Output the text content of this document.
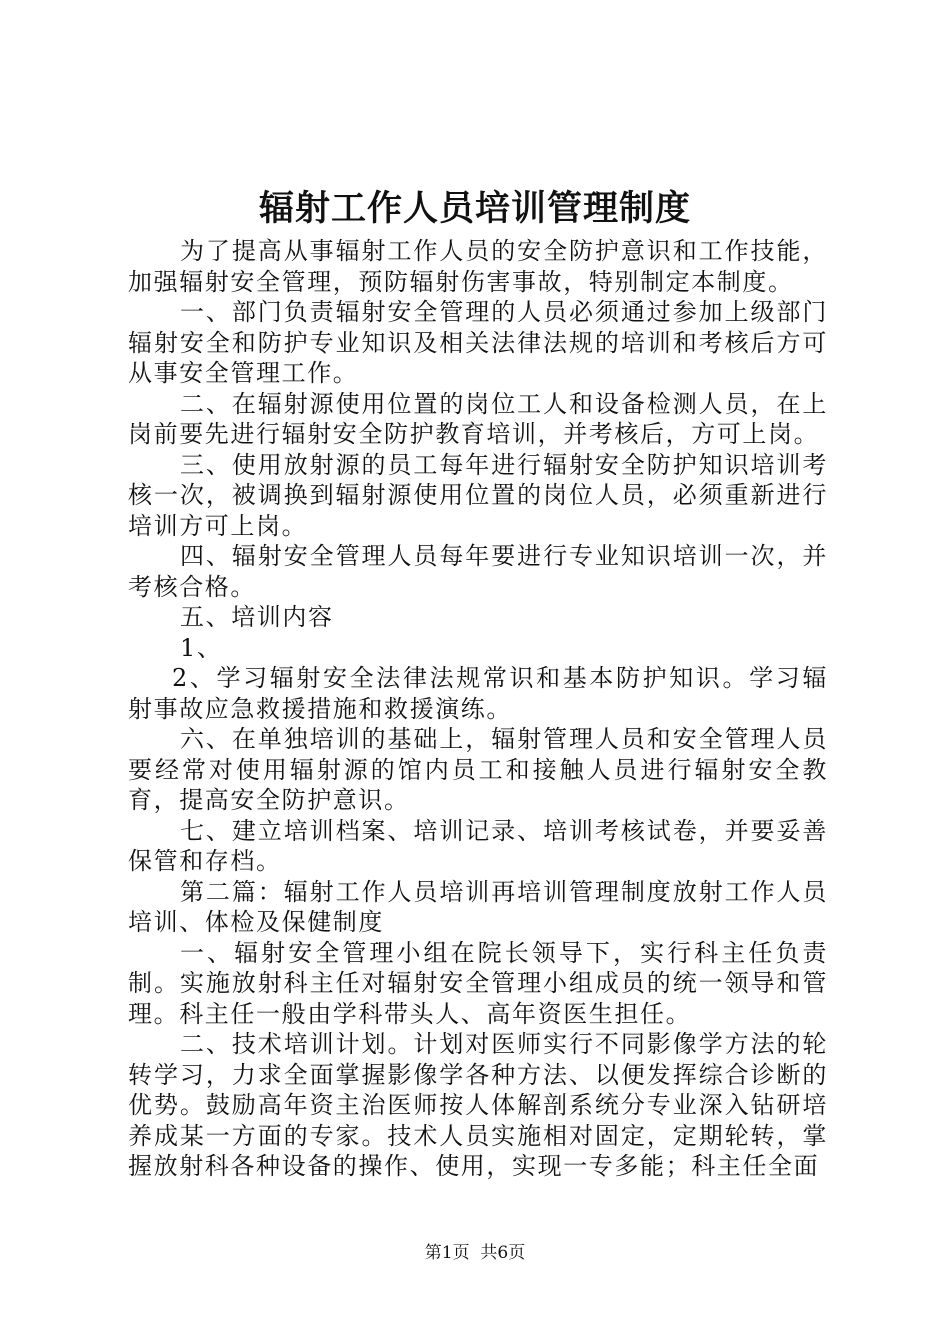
辐射工作人员培训管理制度

为了提高从事辐射工作人员的安全防护意识和工作技能，加强辐射安全管理，预防辐射伤害事故，特别制定本制度。

一、部门负责辐射安全管理的人员必须通过参加上级部门辐射安全和防护专业知识及相关法律法规的培训和考核后方可从事安全管理工作。

二、在辐射源使用位置的岗位工人和设备检测人员，在上岗前要先进行辐射安全防护教育培训，并考核后，方可上岗。

三、使用放射源的员工每年进行辐射安全防护知识培训考核一次，被调换到辐射源使用位置的岗位人员，必须重新进行培训方可上岗。

四、辐射安全管理人员每年要进行专业知识培训一次，并考核合格。

五、培训内容

1、

2、学习辐射安全法律法规常识和基本防护知识。学习辐射事故应急救援措施和救援演练。

六、在单独培训的基础上，辐射管理人员和安全管理人员要经常对使用辐射源的馆内员工和接触人员进行辐射安全教育，提高安全防护意识。

七、建立培训档案、培训记录、培训考核试卷，并要妥善保管和存档。

第二篇：辐射工作人员培训再培训管理制度放射工作人员培训、体检及保健制度

一、辐射安全管理小组在院长领导下，实行科主任负责制。实施放射科主任对辐射安全管理小组成员的统一领导和管理。科主任一般由学科带头人、高年资医生担任。

二、技术培训计划。计划对医师实行不同影像学方法的轮转学习，力求全面掌握影像学各种方法、以便发挥综合诊断的优势。鼓励高年资主治医师按人体解剖系统分专业深入钻研培养成某一方面的专家。技术人员实施相对固定，定期轮转，掌握放射科各种设备的操作、使用，实现一专多能；科主任全面

第1页 共6页
